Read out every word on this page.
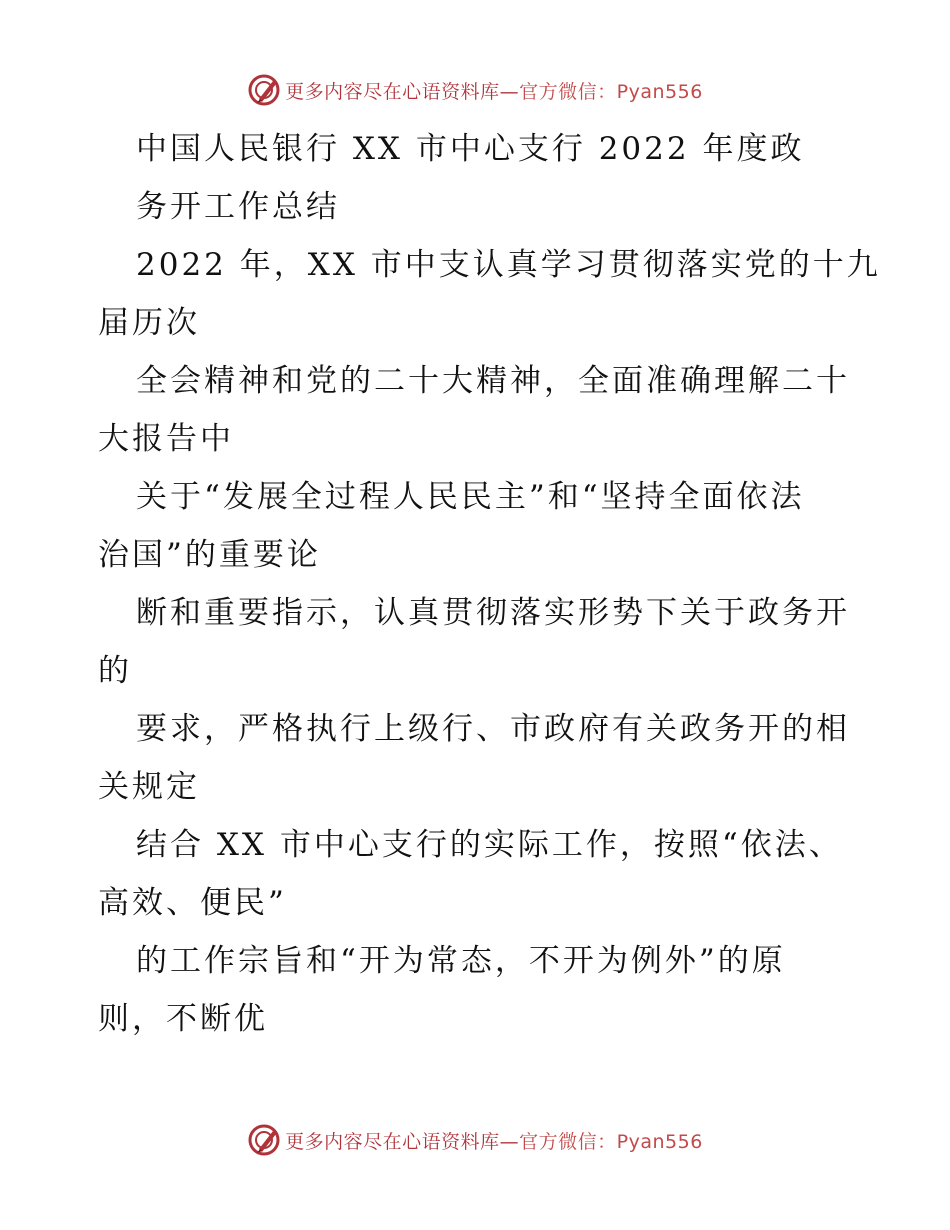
更多内容尽在心语资料库—官方微信：Pyan556
中国人民银行 XX 市中心支行 2022 年度政
务开工作总结
2022 年，XX 市中支认真学习贯彻落实党的十九
届历次
全会精神和党的二十大精神，全面准确理解二十
大报告中
关于“发展全过程人民民主”和“坚持全面依法
治国”的重要论
断和重要指示，认真贯彻落实形势下关于政务开
的
要求，严格执行上级行、市政府有关政务开的相
关规定
结合 XX 市中心支行的实际工作，按照“依法、
高效、便民”
的工作宗旨和“开为常态，不开为例外”的原
则，不断优
更多内容尽在心语资料库—官方微信：Pyan556
